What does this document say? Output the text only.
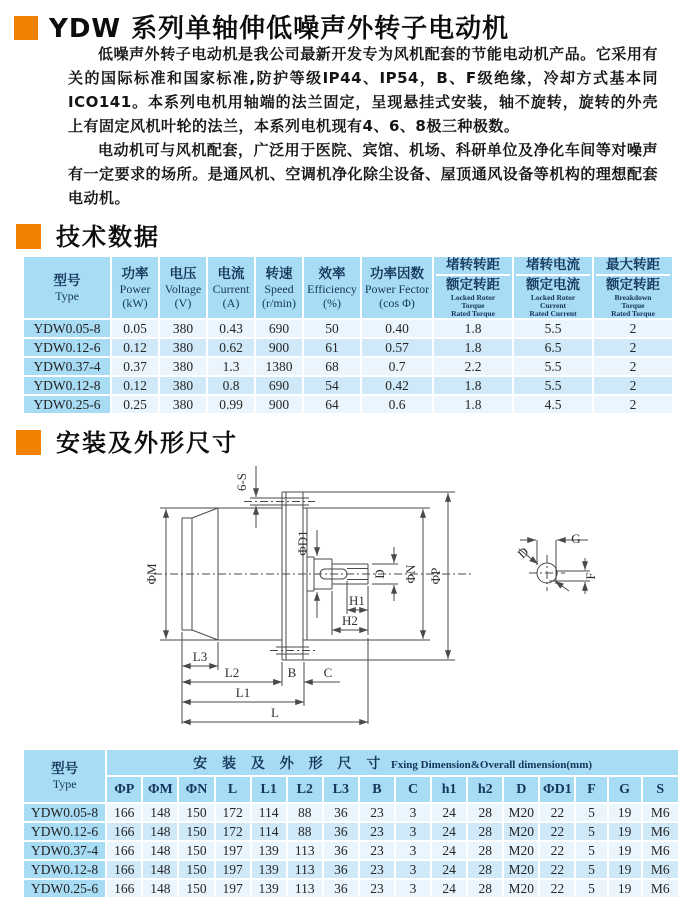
YDW 系列单轴伸低噪声外转子电动机

低噪声外转子电动机是我公司最新开发专为风机配套的节能电动机产品。它采用有关的国际标准和国家标准,防护等级IP44、IP54，B、F级绝缘，冷却方式基本同ICO141。本系列电机用轴端的法兰固定，呈现悬挂式安装，轴不旋转，旋转的外壳上有固定风机叶轮的法兰，本系列电机现有4、6、8极三种极数。

电动机可与风机配套，广泛用于医院、宾馆、机场、科研单位及净化车间等对噪声有一定要求的场所。是通风机、空调机净化除尘设备、屋顶通风设备等机构的理想配套电动机。

技术数据
型号
Type

功率
Power
(kW)

电压
Voltage
(V)

电流
Current
(A)

转速
Speed
(r/min)

效率
Efficiency
(%)

功率因数
Power Fector
(cos Φ)

堵转转距
额定转距
Locked Rotor
Torque
Rated Torque

堵转电流
额定电流
Locked Rotor
Current
Rated Current

最大转距
额定转距
Breakdown
Torque
Rated Torque

YDW0.05-8	0.05	380	0.43	690	50	0.40	1.8	5.5	2
YDW0.12-6	0.12	380	0.62	900	61	0.57	1.8	6.5	2
YDW0.37-4	0.37	380	1.3	1380	68	0.7	2.2	5.5	2
YDW0.12-8	0.12	380	0.8	690	54	0.42	1.8	5.5	2
YDW0.25-6	0.25	380	0.99	900	64	0.6	1.8	4.5	2
安装及外形尺寸
6-S
ΦM
ΦD1
D ΦN ΦP
H1
H2
L3
L2	B C
L1
L
G
D
F
型号
Type	安 装 及 外 形 尺 寸 Fxing Dimension&Overall dimension(mm)															
	ΦP	ΦM	ΦN	L	L1	L2	L3	B	C	h1	h2	D	ΦD1	F	G	S
YDW0.05-8	166	148	150	172	114	88	36	23	3	24	28	M20	22	5	19	M6
YDW0.12-6	166	148	150	172	114	88	36	23	3	24	28	M20	22	5	19	M6
YDW0.37-4	166	148	150	197	139	113	36	23	3	24	28	M20	22	5	19	M6
YDW0.12-8	166	148	150	197	139	113	36	23	3	24	28	M20	22	5	19	M6
YDW0.25-6	166	148	150	197	139	113	36	23	3	24	28	M20	22	5	19	M6
